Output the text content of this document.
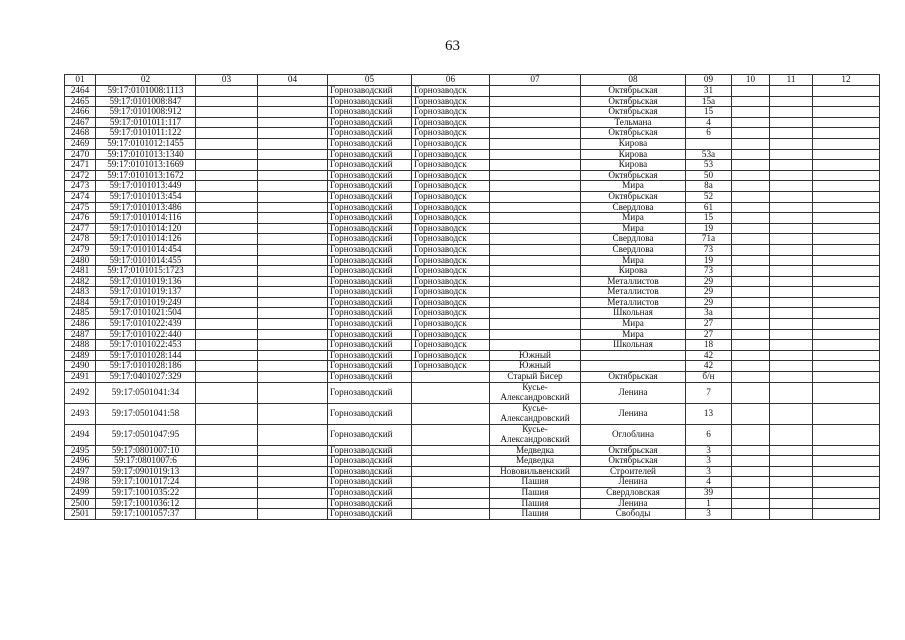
63
01	02	03	04	05	06	07	08	09	10	11	12
2464	59:17:0101008:1113			Горнозаводский	Горнозаводск		Октябрьская	31			
2465	59:17:0101008:847			Горнозаводский	Горнозаводск		Октябрьская	15а			
2466	59:17:0101008:912			Горнозаводский	Горнозаводск		Октябрьская	15			
2467	59:17:0101011:117			Горнозаводский	Горнозаводск		Тельмана	4			
2468	59:17:0101011:122			Горнозаводский	Горнозаводск		Октябрьская	6			
2469	59:17:0101012:1455			Горнозаводский	Горнозаводск		Кирова				
2470	59:17:0101013:1340			Горнозаводский	Горнозаводск		Кирова	53а			
2471	59:17:0101013:1669			Горнозаводский	Горнозаводск		Кирова	53			
2472	59:17:0101013:1672			Горнозаводский	Горнозаводск		Октябрьская	50			
2473	59:17:0101013:449			Горнозаводский	Горнозаводск		Мира	8а			
2474	59:17:0101013:454			Горнозаводский	Горнозаводск		Октябрьская	52			
2475	59:17:0101013:486			Горнозаводский	Горнозаводск		Свердлова	61			
2476	59:17:0101014:116			Горнозаводский	Горнозаводск		Мира	15			
2477	59:17:0101014:120			Горнозаводский	Горнозаводск		Мира	19			
2478	59:17:0101014:126			Горнозаводский	Горнозаводск		Свердлова	71а			
2479	59:17:0101014:454			Горнозаводский	Горнозаводск		Свердлова	73			
2480	59:17:0101014:455			Горнозаводский	Горнозаводск		Мира	19			
2481	59:17:0101015:1723			Горнозаводский	Горнозаводск		Кирова	73			
2482	59:17:0101019:136			Горнозаводский	Горнозаводск		Металлистов	29			
2483	59:17:0101019:137			Горнозаводский	Горнозаводск		Металлистов	29			
2484	59:17:0101019:249			Горнозаводский	Горнозаводск		Металлистов	29			
2485	59:17:0101021:504			Горнозаводский	Горнозаводск		Школьная	3а			
2486	59:17:0101022:439			Горнозаводский	Горнозаводск		Мира	27			
2487	59:17:0101022:440			Горнозаводский	Горнозаводск		Мира	27			
2488	59:17:0101022:453			Горнозаводский	Горнозаводск		Школьная	18			
2489	59:17:0101028:144			Горнозаводский	Горнозаводск	Южный		42			
2490	59:17:0101028:186			Горнозаводский	Горнозаводск	Южный		42			
2491	59:17:0401027:329			Горнозаводский		Старый Бисер	Октябрьская	б/н			
2492	59:17:0501041:34			Горнозаводский		Кусье-Александровский	Ленина	7			
2493	59:17:0501041:58			Горнозаводский		Кусье-Александровский	Ленина	13			
2494	59:17:0501047:95			Горнозаводский		Кусье-Александровский	Оглоблина	6			
2495	59:17:0801007:10			Горнозаводский		Медведка	Октябрьская	3			
2496	59:17:0801007:6			Горнозаводский		Медведка	Октябрьская	3			
2497	59:17:0901019:13			Горнозаводский		Нововильвенский	Строителей	3			
2498	59:17:1001017:24			Горнозаводский		Пашия	Ленина	4			
2499	59:17:1001035:22			Горнозаводский		Пашия	Свердловская	39			
2500	59:17:1001036:12			Горнозаводский		Пашия	Ленина	1			
2501	59:17:1001057:37			Горнозаводский		Пашия	Свободы	3			
